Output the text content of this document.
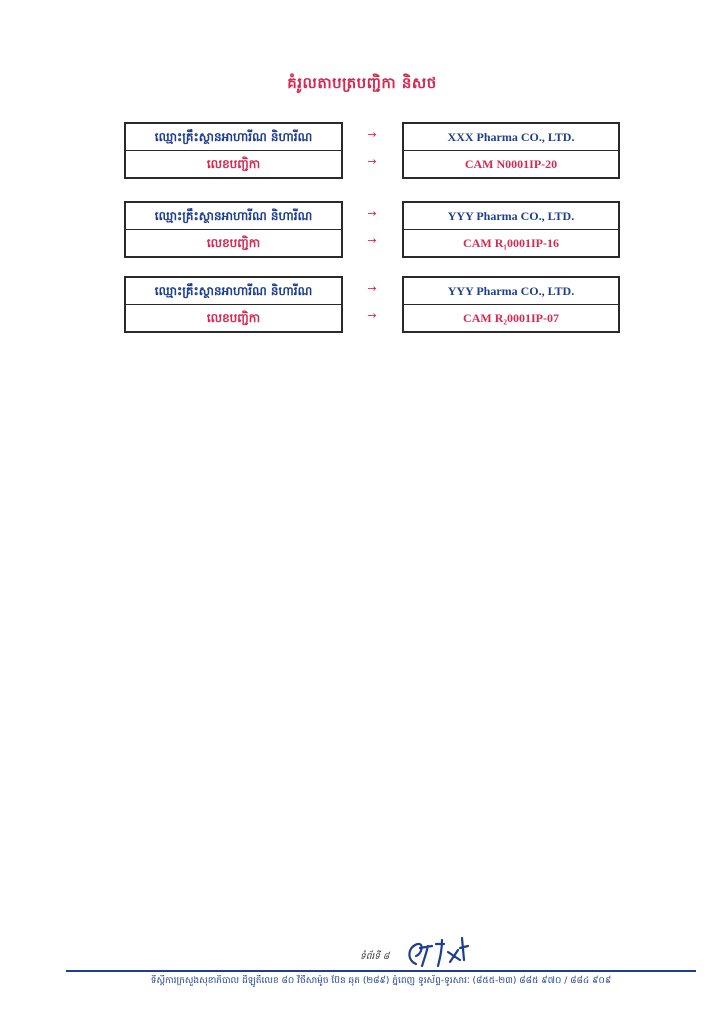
គំរូលតាបត្របញ្ជិកា និសថ
ឈ្មោះគ្រឹះស្ថានអាហារីណ និហារីណ
លេខបញ្ជិកា
→
→
XXX Pharma CO., LTD.
CAM N0001IP-20
ឈ្មោះគ្រឹះស្ថានអាហារីណ និហារីណ
លេខបញ្ជិកា
→
→
YYY Pharma CO., LTD.
CAM R₁0001IP-16
ឈ្មោះគ្រឹះស្ថានអាហារីណ និហារីណ
លេខបញ្ជិកា
→
→
YYY Pharma CO., LTD.
CAM R₂0001IP-07
ទំព័រទី ៨
ទីស្តីការក្រសួងសុខាភិបាល ដីឡូតិ៍លេខ ៨០ វិថីសាម៉ូច ប៊ែន ឆុត (២៨៩) ភ្នំពេញ ទូរស័ព្ទ-ទូរសារៈ (៨៥៥-២៣) ៨៨៥ ៩៧០ / ៨៨៤ ៩០៩
